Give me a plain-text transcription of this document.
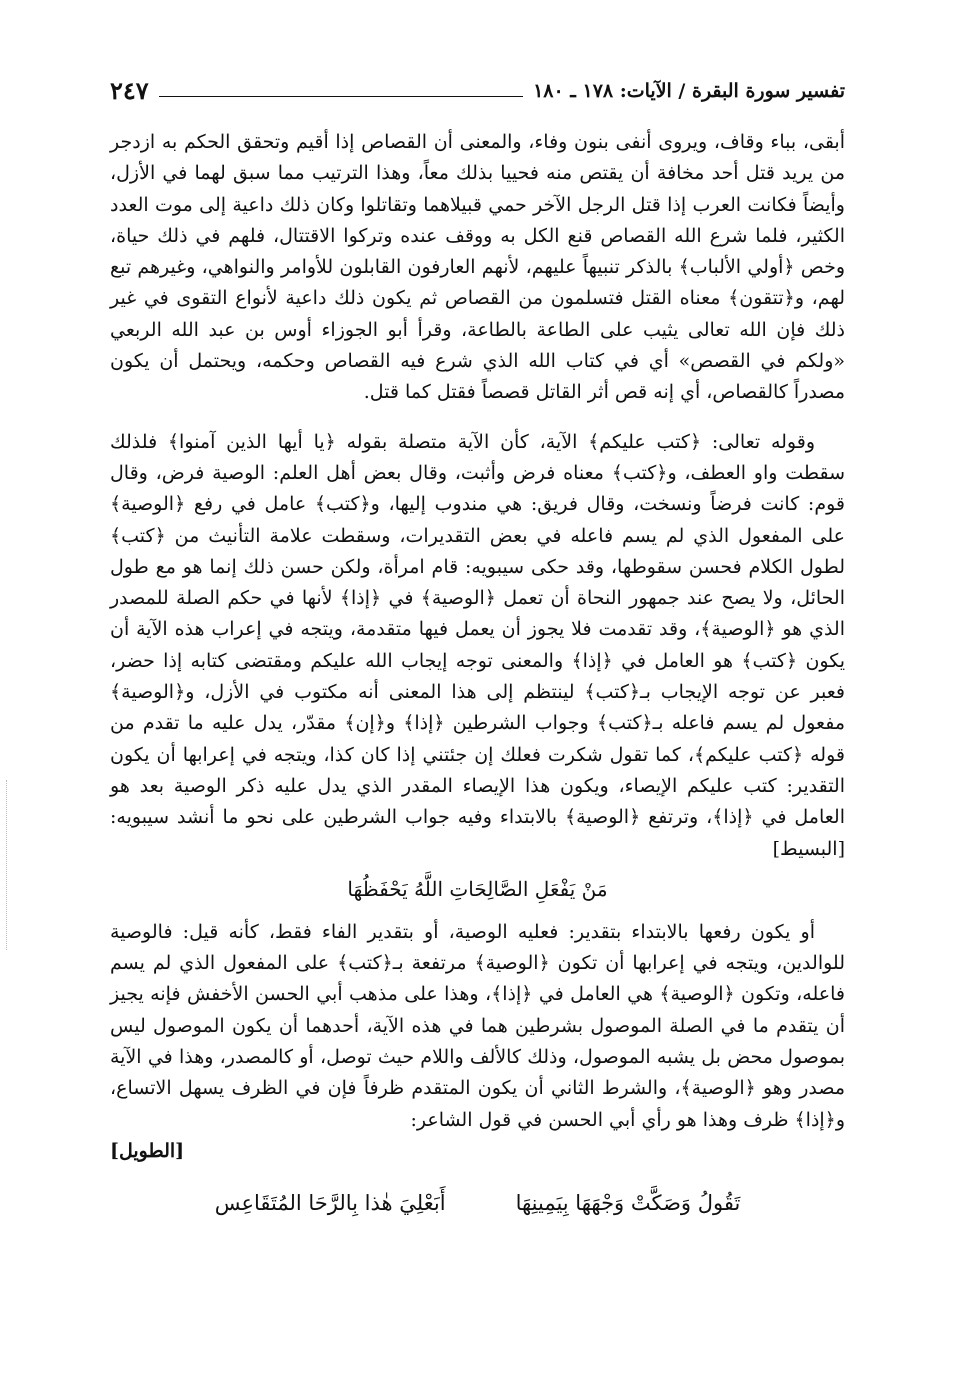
تفسير سورة البقرة / الآيات: ١٧٨ ـ ١٨٠
٢٤٧

أبقى، بباء وقاف، ويروى أنفى بنون وفاء، والمعنى أن القصاص إذا أقيم وتحقق الحكم به ازدجر من يريد قتل أحد مخافة أن يقتص منه فحييا بذلك معاً، وهذا الترتيب مما سبق لهما في الأزل، وأيضاً فكانت العرب إذا قتل الرجل الآخر حمي قبيلاهما وتقاتلوا وكان ذلك داعية إلى موت العدد الكثير، فلما شرع الله القصاص قنع الكل به ووقف عنده وتركوا الاقتتال، فلهم في ذلك حياة، وخص ﴿أولي الألباب﴾ بالذكر تنبيهاً عليهم، لأنهم العارفون القابلون للأوامر والنواهي، وغيرهم تبع لهم، و﴿تتقون﴾ معناه القتل فتسلمون من القصاص ثم يكون ذلك داعية لأنواع التقوى في غير ذلك فإن الله تعالى يثيب على الطاعة بالطاعة، وقرأ أبو الجوزاء أوس بن عبد الله الربعي «ولكم في القصص» أي في كتاب الله الذي شرع فيه القصاص وحكمه، ويحتمل أن يكون مصدراً كالقصاص، أي إنه قص أثر القاتل قصصاً فقتل كما قتل.

وقوله تعالى: ﴿كتب عليكم﴾ الآية، كأن الآية متصلة بقوله ﴿يا أيها الذين آمنوا﴾ فلذلك سقطت واو العطف، و﴿كتب﴾ معناه فرض وأثبت، وقال بعض أهل العلم: الوصية فرض، وقال قوم: كانت فرضاً ونسخت، وقال فريق: هي مندوب إليها، و﴿كتب﴾ عامل في رفع ﴿الوصية﴾ على المفعول الذي لم يسم فاعله في بعض التقديرات، وسقطت علامة التأنيث من ﴿كتب﴾ لطول الكلام فحسن سقوطها، وقد حكى سيبويه: قام امرأة، ولكن حسن ذلك إنما هو مع طول الحائل، ولا يصح عند جمهور النحاة أن تعمل ﴿الوصية﴾ في ﴿إذا﴾ لأنها في حكم الصلة للمصدر الذي هو ﴿الوصية﴾، وقد تقدمت فلا يجوز أن يعمل فيها متقدمة، ويتجه في إعراب هذه الآية أن يكون ﴿كتب﴾ هو العامل في ﴿إذا﴾ والمعنى توجه إيجاب الله عليكم ومقتضى كتابه إذا حضر، فعبر عن توجه الإيجاب بـ﴿كتب﴾ لينتظم إلى هذا المعنى أنه مكتوب في الأزل، و﴿الوصية﴾ مفعول لم يسم فاعله بـ﴿كتب﴾ وجواب الشرطين ﴿إذا﴾ و﴿إن﴾ مقدّر، يدل عليه ما تقدم من قوله ﴿كتب عليكم﴾، كما تقول شكرت فعلك إن جئتني إذا كان كذا، ويتجه في إعرابها أن يكون التقدير: كتب عليكم الإيصاء، ويكون هذا الإيصاء المقدر الذي يدل عليه ذكر الوصية بعد هو العامل في ﴿إذا﴾، وترتفع ﴿الوصية﴾ بالابتداء وفيه جواب الشرطين على نحو ما أنشد سيبويه: [البسيط]

مَنْ يَفْعَلِ الصَّالِحَاتِ اللَّهُ يَحْفَظُهَا

أو يكون رفعها بالابتداء بتقدير: فعليه الوصية، أو بتقدير الفاء فقط، كأنه قيل: فالوصية للوالدين، ويتجه في إعرابها أن تكون ﴿الوصية﴾ مرتفعة بـ﴿كتب﴾ على المفعول الذي لم يسم فاعله، وتكون ﴿الوصية﴾ هي العامل في ﴿إذا﴾، وهذا على مذهب أبي الحسن الأخفش فإنه يجيز أن يتقدم ما في الصلة الموصول بشرطين هما في هذه الآية، أحدهما أن يكون الموصول ليس بموصول محض بل يشبه الموصول، وذلك كالألف واللام حيث توصل، أو كالمصدر، وهذا في الآية مصدر وهو ﴿الوصية﴾، والشرط الثاني أن يكون المتقدم ظرفاً فإن في الظرف يسهل الاتساع، و﴿إذا﴾ ظرف وهذا هو رأي أبي الحسن في قول الشاعر:

[الطويل]
تَقُولُ وَصَكَّتْ وَجْهَهَا بِيَمِينِهَا
أَبَعْلِيَ هٰذا بِالرَّحَا المُتَقَاعِس
